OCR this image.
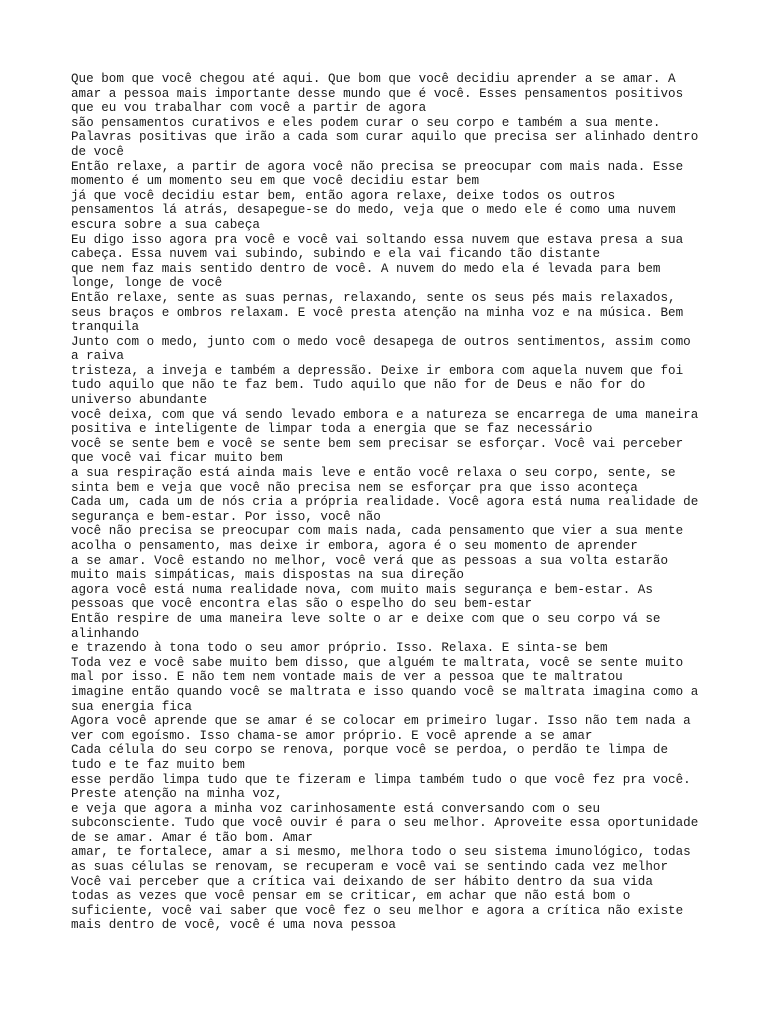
Que bom que você chegou até aqui. Que bom que você decidiu aprender a se amar. A
amar a pessoa mais importante desse mundo que é você. Esses pensamentos positivos
que eu vou trabalhar com você a partir de agora
são pensamentos curativos e eles podem curar o seu corpo e também a sua mente.
Palavras positivas que irão a cada som curar aquilo que precisa ser alinhado dentro
de você
Então relaxe, a partir de agora você não precisa se preocupar com mais nada. Esse
momento é um momento seu em que você decidiu estar bem
já que você decidiu estar bem, então agora relaxe, deixe todos os outros
pensamentos lá atrás, desapegue-se do medo, veja que o medo ele é como uma nuvem
escura sobre a sua cabeça
Eu digo isso agora pra você e você vai soltando essa nuvem que estava presa a sua
cabeça. Essa nuvem vai subindo, subindo e ela vai ficando tão distante
que nem faz mais sentido dentro de você. A nuvem do medo ela é levada para bem
longe, longe de você
Então relaxe, sente as suas pernas, relaxando, sente os seus pés mais relaxados,
seus braços e ombros relaxam. E você presta atenção na minha voz e na música. Bem
tranquila
Junto com o medo, junto com o medo você desapega de outros sentimentos, assim como
a raiva
tristeza, a inveja e também a depressão. Deixe ir embora com aquela nuvem que foi
tudo aquilo que não te faz bem. Tudo aquilo que não for de Deus e não for do
universo abundante
você deixa, com que vá sendo levado embora e a natureza se encarrega de uma maneira
positiva e inteligente de limpar toda a energia que se faz necessário
você se sente bem e você se sente bem sem precisar se esforçar. Você vai perceber
que você vai ficar muito bem
a sua respiração está ainda mais leve e então você relaxa o seu corpo, sente, se
sinta bem e veja que você não precisa nem se esforçar pra que isso aconteça
Cada um, cada um de nós cria a própria realidade. Você agora está numa realidade de
segurança e bem-estar. Por isso, você não
você não precisa se preocupar com mais nada, cada pensamento que vier a sua mente
acolha o pensamento, mas deixe ir embora, agora é o seu momento de aprender
a se amar. Você estando no melhor, você verá que as pessoas a sua volta estarão
muito mais simpáticas, mais dispostas na sua direção
agora você está numa realidade nova, com muito mais segurança e bem-estar. As
pessoas que você encontra elas são o espelho do seu bem-estar
Então respire de uma maneira leve solte o ar e deixe com que o seu corpo vá se
alinhando
e trazendo à tona todo o seu amor próprio. Isso. Relaxa. E sinta-se bem
Toda vez e você sabe muito bem disso, que alguém te maltrata, você se sente muito
mal por isso. E não tem nem vontade mais de ver a pessoa que te maltratou
imagine então quando você se maltrata e isso quando você se maltrata imagina como a
sua energia fica
Agora você aprende que se amar é se colocar em primeiro lugar. Isso não tem nada a
ver com egoísmo. Isso chama-se amor próprio. E você aprende a se amar
Cada célula do seu corpo se renova, porque você se perdoa, o perdão te limpa de
tudo e te faz muito bem
esse perdão limpa tudo que te fizeram e limpa também tudo o que você fez pra você.
Preste atenção na minha voz,
e veja que agora a minha voz carinhosamente está conversando com o seu
subconsciente. Tudo que você ouvir é para o seu melhor. Aproveite essa oportunidade
de se amar. Amar é tão bom. Amar
amar, te fortalece, amar a si mesmo, melhora todo o seu sistema imunológico, todas
as suas células se renovam, se recuperam e você vai se sentindo cada vez melhor
Você vai perceber que a crítica vai deixando de ser hábito dentro da sua vida
todas as vezes que você pensar em se criticar, em achar que não está bom o
suficiente, você vai saber que você fez o seu melhor e agora a crítica não existe
mais dentro de você, você é uma nova pessoa
